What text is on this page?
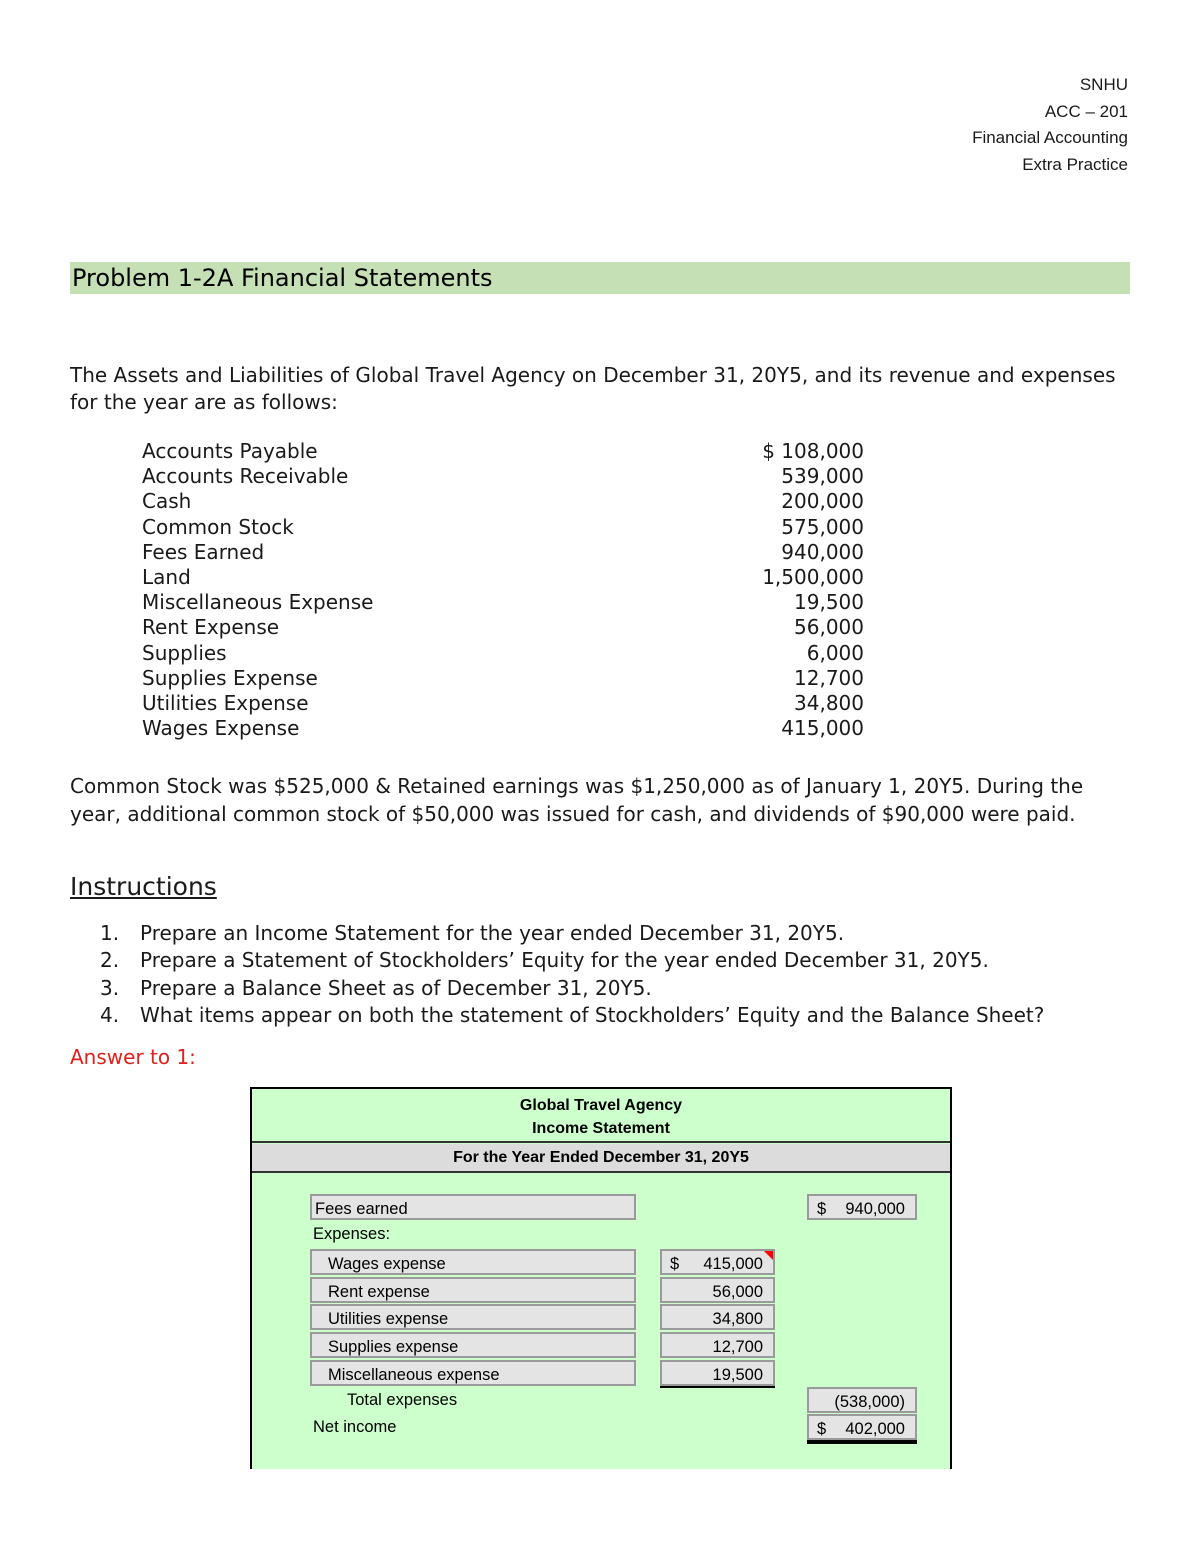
SNHU
ACC – 201
Financial Accounting
Extra Practice
Problem 1-2A Financial Statements
The Assets and Liabilities of Global Travel Agency on December 31, 20Y5, and its revenue and expenses for the year are as follows:
Accounts Payable	$ 108,000
Accounts Receivable	539,000
Cash	200,000
Common Stock	575,000
Fees Earned	940,000
Land	1,500,000
Miscellaneous Expense	19,500
Rent Expense	56,000
Supplies	6,000
Supplies Expense	12,700
Utilities Expense	34,800
Wages Expense	415,000
Common Stock was $525,000 & Retained earnings was $1,250,000 as of January 1, 20Y5. During the year, additional common stock of $50,000 was issued for cash, and dividends of $90,000 were paid.
Instructions
1.	Prepare an Income Statement for the year ended December 31, 20Y5.
2.	Prepare a Statement of Stockholders’ Equity for the year ended December 31, 20Y5.
3.	Prepare a Balance Sheet as of December 31, 20Y5.
4.	What items appear on both the statement of Stockholders’ Equity and the Balance Sheet?
Answer to 1:
Global Travel Agency
Income Statement
For the Year Ended December 31, 20Y5
Fees earned	$ 940,000
Expenses:
Wages expense	$ 415,000
Rent expense	56,000
Utilities expense	34,800
Supplies expense	12,700
Miscellaneous expense	19,500
Total expenses	(538,000)
Net income	$ 402,000
